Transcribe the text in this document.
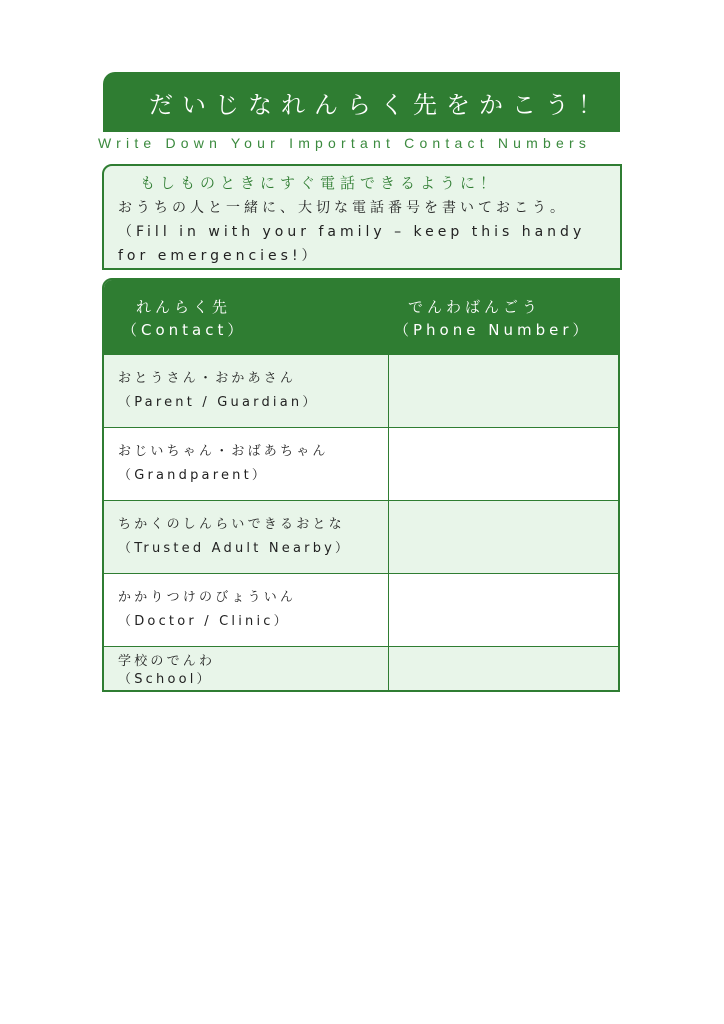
だいじなれんらく先をかこう！
Write Down Your Important Contact Numbers
もしものときにすぐ電話できるように！
おうちの人と一緒に、大切な電話番号を書いておこう。 （Fill in with your family – keep this handy for emergencies!）
れんらく先
（Contact）
でんわばんごう
（Phone Number）
おとうさん・おかあさん
（Parent / Guardian）
おじいちゃん・おばあちゃん
（Grandparent）
ちかくのしんらいできるおとな
（Trusted Adult Nearby）
かかりつけのびょういん
（Doctor / Clinic）
学校のでんわ
（School）
